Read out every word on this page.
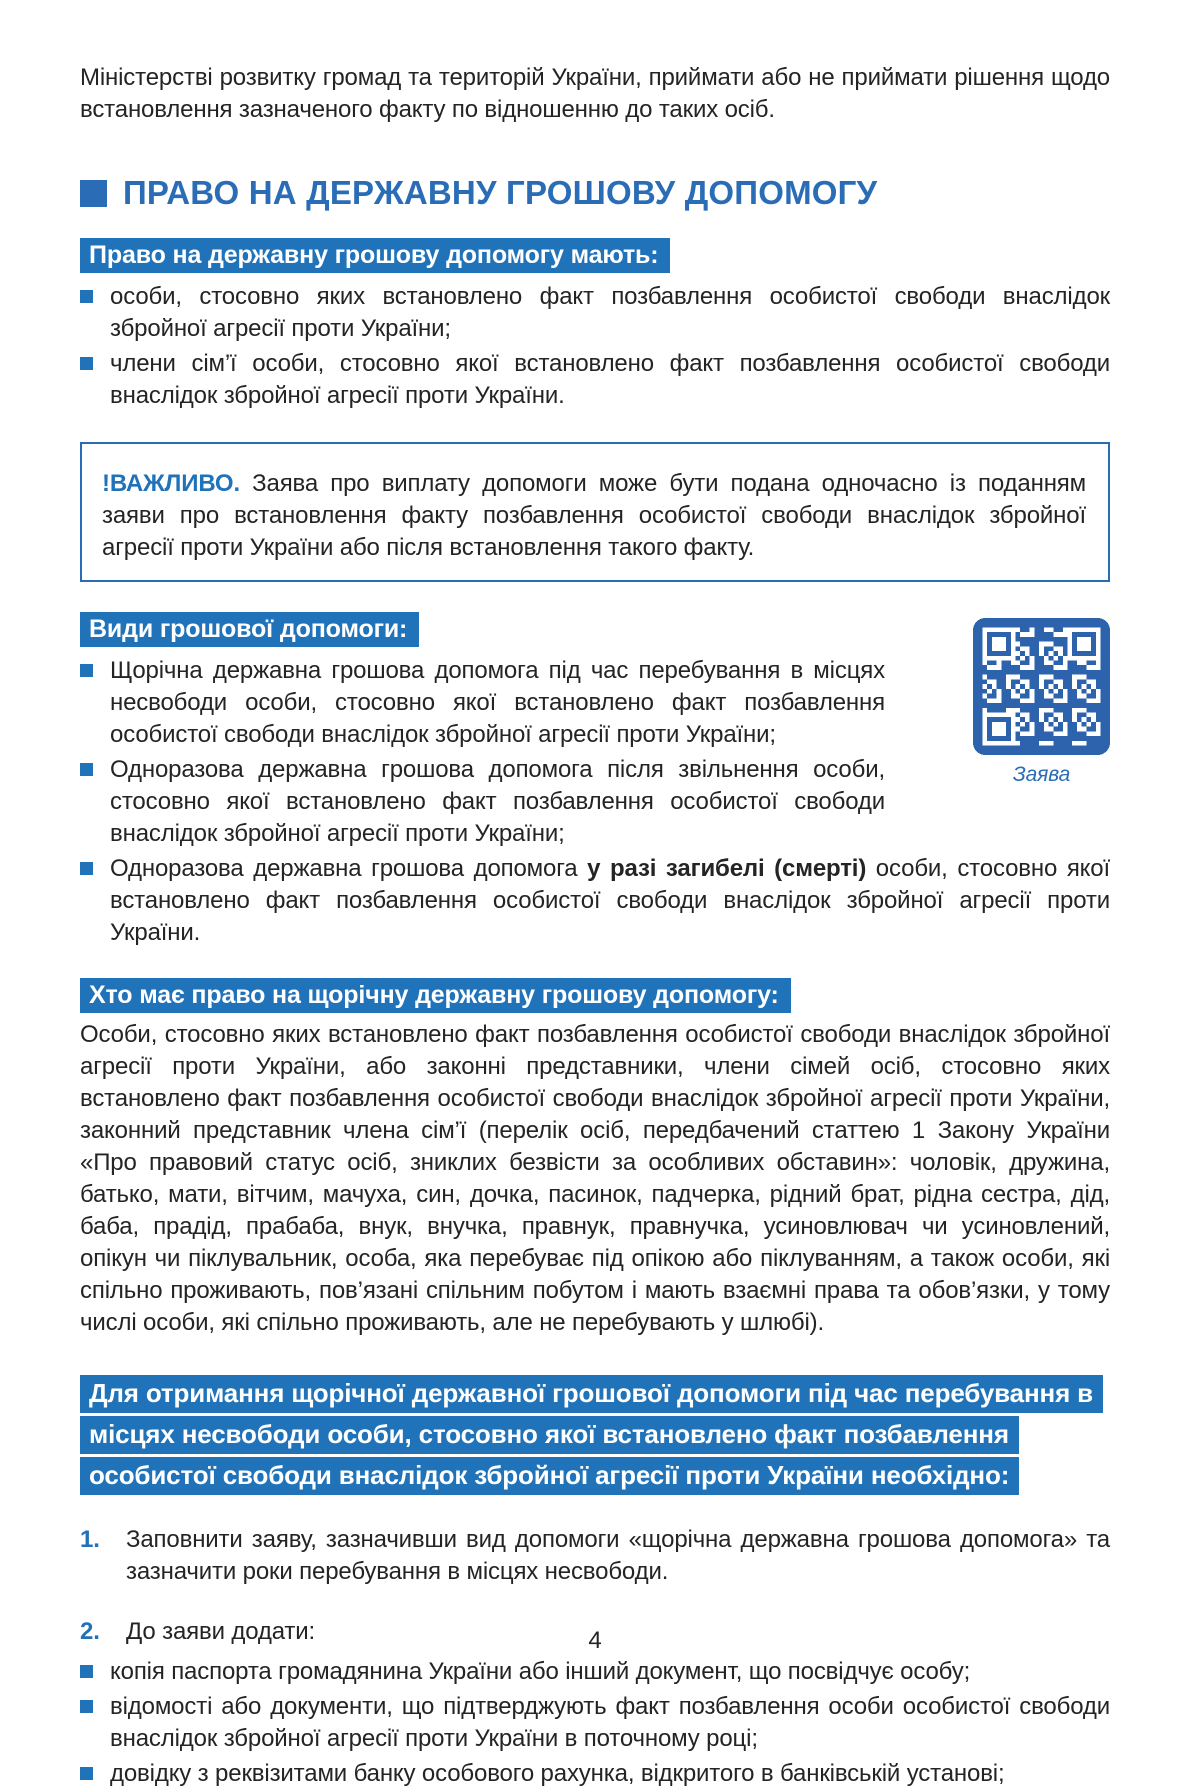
Міністерстві розвитку громад та територій України, приймати або не приймати рішення щодо встановлення зазначеного факту по відношенню до таких осіб.

ПРАВО НА ДЕРЖАВНУ ГРОШОВУ ДОПОМОГУ
Право на державну грошову допомогу мають:

особи, стосовно яких встановлено факт позбавлення особистої свободи внаслідок збройної агресії проти України;

члени сім’ї особи, стосовно якої встановлено факт позбавлення особистої свободи внаслідок збройної агресії проти України.

!ВАЖЛИВО. Заява про виплату допомоги може бути подана одночасно із поданням заяви про встановлення факту позбавлення особистої свободи внаслідок збройної агресії проти України або після встановлення такого факту.

Заява
Види грошової допомоги:

Щорічна державна грошова допомога під час перебування в місцях несвободи особи, стосовно якої встановлено факт позбавлення особистої свободи внаслідок збройної агресії проти України;

Одноразова державна грошова допомога після звільнення особи, стосовно якої встановлено факт позбавлення особистої свободи внаслідок збройної агресії проти України;

Одноразова державна грошова допомога у разі загибелі (смерті) особи, стосовно якої встановлено факт позбавлення особистої свободи внаслідок збройної агресії проти України.

Хто має право на щорічну державну грошову допомогу:

Особи, стосовно яких встановлено факт позбавлення особистої свободи внаслідок збройної агресії проти України, або законні представники, члени сімей осіб, стосовно яких встановлено факт позбавлення особистої свободи внаслідок збройної агресії проти України, законний представник члена сім’ї (перелік осіб, передбачений статтею 1 Закону України «Про правовий статус осіб, зниклих безвісти за особливих обставин»: чоловік, дружина, батько, мати, вітчим, мачуха, син, дочка, пасинок, падчерка, рідний брат, рідна сестра, дід, баба, прадід, прабаба, внук, внучка, правнук, правнучка, усиновлювач чи усиновлений, опікун чи піклувальник, особа, яка перебуває під опікою або піклуванням, а також особи, які спільно проживають, пов’язані спільним побутом і мають взаємні права та обов’язки, у тому числі особи, які спільно проживають, але не перебувають у шлюбі).

Для отримання щорічної державної грошової допомоги під час перебування в місцях несвободи особи, стосовно якої встановлено факт позбавлення особистої свободи внаслідок збройної агресії проти України необхідно:
1.	Заповнити заяву, зазначивши вид допомоги «щорічна державна грошова допомога» та зазначити роки перебування в місцях несвободи.

2.	До заяви додати:

копія паспорта громадянина України або інший документ, що посвідчує особу;

відомості або документи, що підтверджують факт позбавлення особи особистої свободи внаслідок збройної агресії проти України в поточному році;

довідку з реквізитами банку особового рахунка, відкритого в банківській установі;

4
